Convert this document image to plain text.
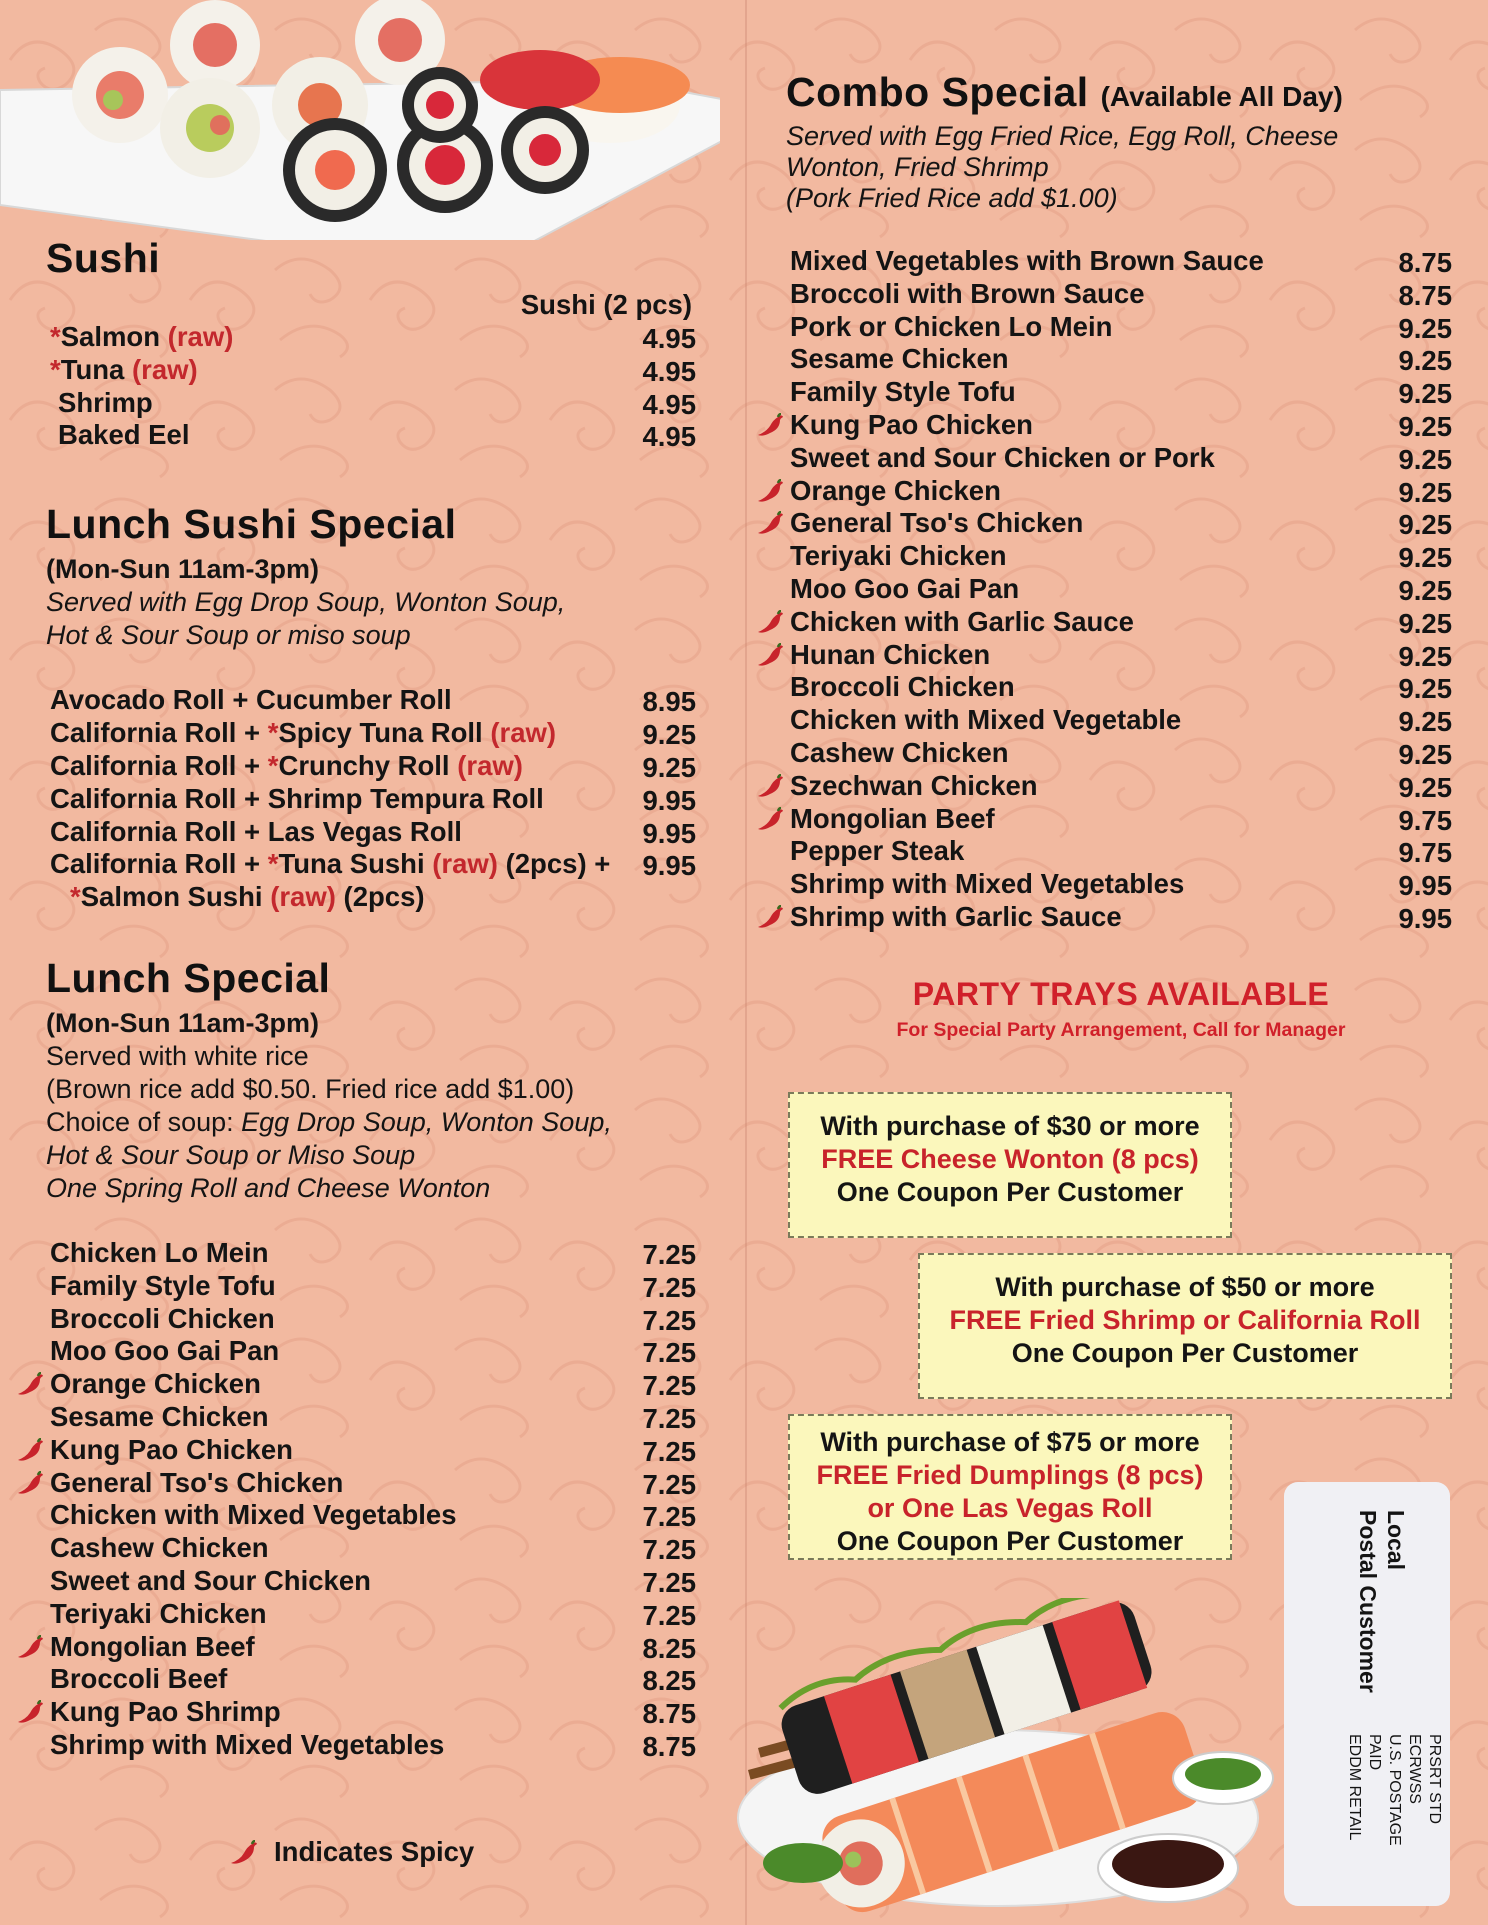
Sushi
Sushi (2 pcs)
*Salmon (raw)	4.95
*Tuna (raw)	4.95
Shrimp	4.95
Baked Eel	4.95
Lunch Sushi Special
(Mon-Sun 11am-3pm)
Served with Egg Drop Soup, Wonton Soup,
Hot & Sour Soup or miso soup
Avocado Roll + Cucumber Roll	8.95
California Roll + *Spicy Tuna Roll (raw)	9.25
California Roll + *Crunchy Roll (raw)	9.25
California Roll + Shrimp Tempura Roll	9.95
California Roll + Las Vegas Roll	9.95
California Roll + *Tuna Sushi (raw) (2pcs) + 9.95
*Salmon Sushi (raw) (2pcs)
Lunch Special
(Mon-Sun 11am-3pm)
Served with white rice
(Brown rice add $0.50. Fried rice add $1.00)
Choice of soup: Egg Drop Soup, Wonton Soup,
Hot & Sour Soup or Miso Soup
One Spring Roll and Cheese Wonton
Chicken Lo Mein	7.25
Family Style Tofu	7.25
Broccoli Chicken	7.25
Moo Goo Gai Pan	7.25
Orange Chicken	7.25
Sesame Chicken	7.25
Kung Pao Chicken	7.25
General Tso's Chicken	7.25
Chicken with Mixed Vegetables	7.25
Cashew Chicken	7.25
Sweet and Sour Chicken	7.25
Teriyaki Chicken	7.25
Mongolian Beef	8.25
Broccoli Beef	8.25
Kung Pao Shrimp	8.75
Shrimp with Mixed Vegetables	8.75
Indicates Spicy
Combo Special (Available All Day)
Served with Egg Fried Rice, Egg Roll, Cheese
Wonton, Fried Shrimp
(Pork Fried Rice add $1.00)
Mixed Vegetables with Brown Sauce	8.75
Broccoli with Brown Sauce	8.75
Pork or Chicken Lo Mein	9.25
Sesame Chicken	9.25
Family Style Tofu	9.25
Kung Pao Chicken	9.25
Sweet and Sour Chicken or Pork	9.25
Orange Chicken	9.25
General Tso's Chicken	9.25
Teriyaki Chicken	9.25
Moo Goo Gai Pan	9.25
Chicken with Garlic Sauce	9.25
Hunan Chicken	9.25
Broccoli Chicken	9.25
Chicken with Mixed Vegetable	9.25
Cashew Chicken	9.25
Szechwan Chicken	9.25
Mongolian Beef	9.75
Pepper Steak	9.75
Shrimp with Mixed Vegetables	9.95
Shrimp with Garlic Sauce	9.95
PARTY TRAYS AVAILABLE
For Special Party Arrangement, Call for Manager
With purchase of $30 or more
FREE Cheese Wonton (8 pcs)
One Coupon Per Customer
With purchase of $50 or more
FREE Fried Shrimp or California Roll
One Coupon Per Customer
With purchase of $75 or more
FREE Fried Dumplings (8 pcs)
or One Las Vegas Roll
One Coupon Per Customer	Local
Postal Customer
PRSRT STD
ECRWSS
U.S. POSTAGE
PAID
EDDM RETAIL
